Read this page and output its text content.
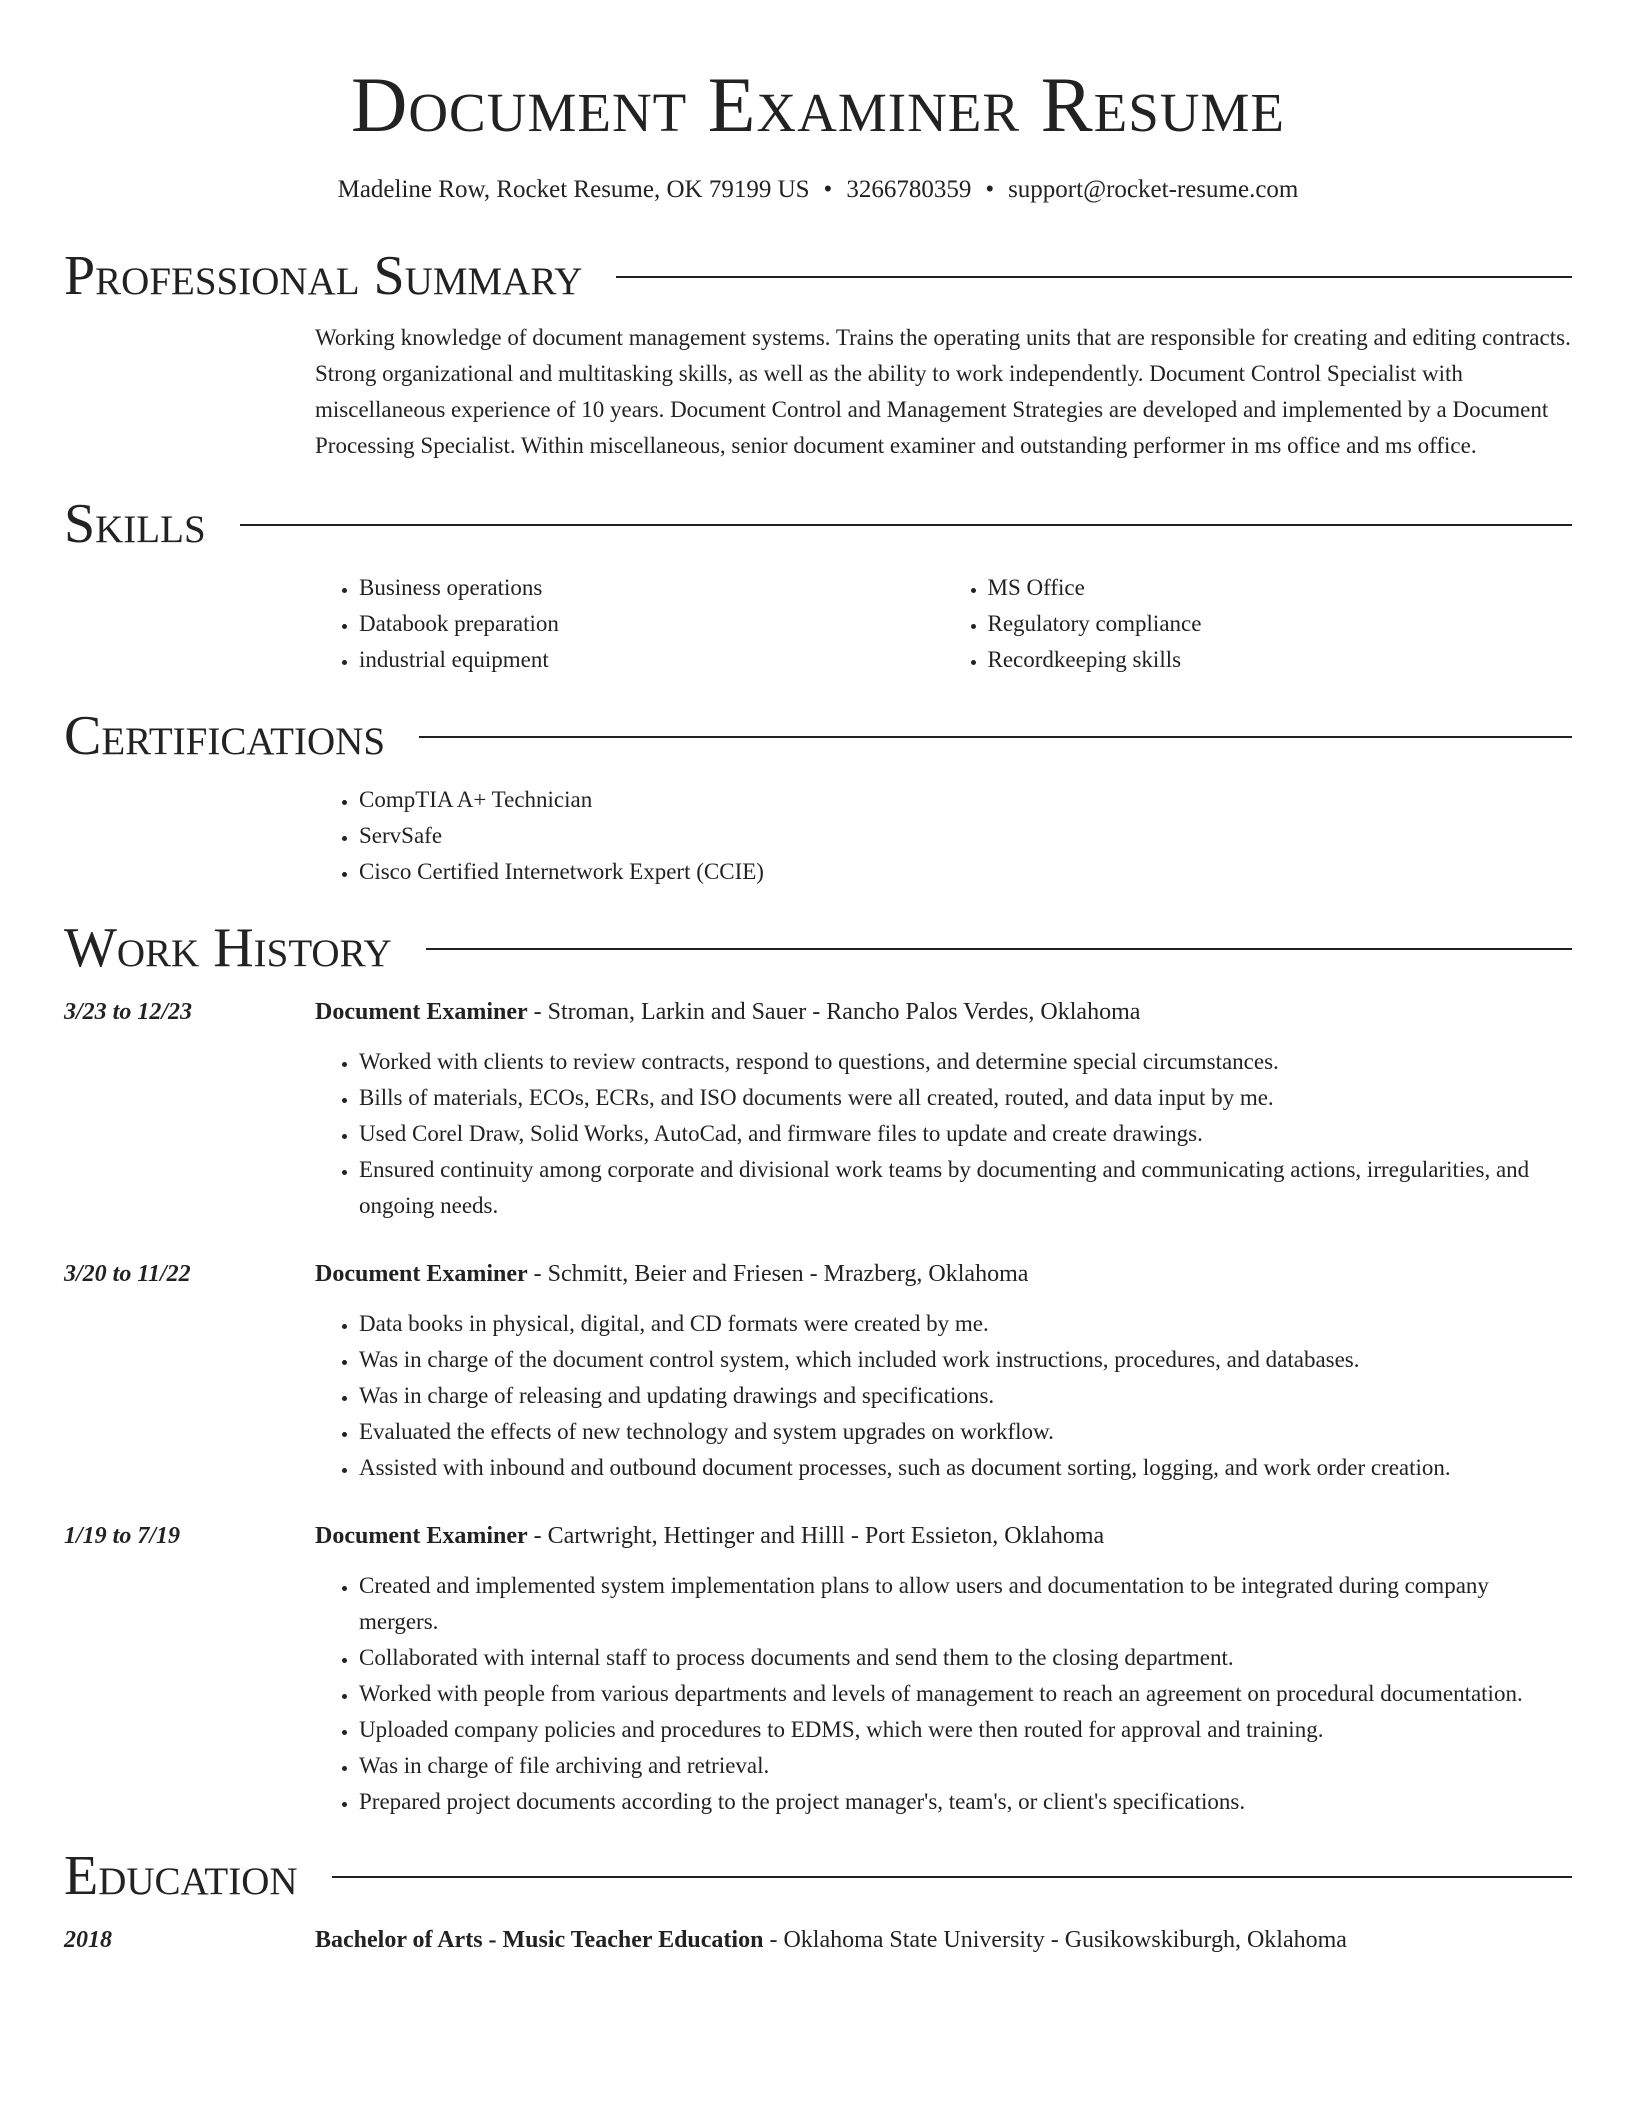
Document Examiner Resume
Madeline Row, Rocket Resume, OK 79199 US • 3266780359 • support@rocket-resume.com
Professional Summary

Working knowledge of document management systems. Trains the operating units that are responsible for creating and editing contracts. Strong organizational and multitasking skills, as well as the ability to work independently. Document Control Specialist with miscellaneous experience of 10 years. Document Control and Management Strategies are developed and implemented by a Document Processing Specialist. Within miscellaneous, senior document examiner and outstanding performer in ms office and ms office.

Skills
• Business operations
• Databook preparation
• industrial equipment
• MS Office
• Regulatory compliance
• Recordkeeping skills
Certifications
• CompTIA A+ Technician
• ServSafe
• Cisco Certified Internetwork Expert (CCIE)
Work History
3/23 to 12/23	Document Examiner - Stroman, Larkin and Sauer - Rancho Palos Verdes, Oklahoma
• Worked with clients to review contracts, respond to questions, and determine special circumstances.
• Bills of materials, ECOs, ECRs, and ISO documents were all created, routed, and data input by me.
• Used Corel Draw, Solid Works, AutoCad, and firmware files to update and create drawings.
• Ensured continuity among corporate and divisional work teams by documenting and communicating actions, irregularities, and ongoing needs.
3/20 to 11/22	Document Examiner - Schmitt, Beier and Friesen - Mrazberg, Oklahoma
• Data books in physical, digital, and CD formats were created by me.
• Was in charge of the document control system, which included work instructions, procedures, and databases.
• Was in charge of releasing and updating drawings and specifications.
• Evaluated the effects of new technology and system upgrades on workflow.
• Assisted with inbound and outbound document processes, such as document sorting, logging, and work order creation.
1/19 to 7/19	Document Examiner - Cartwright, Hettinger and Hilll - Port Essieton, Oklahoma
• Created and implemented system implementation plans to allow users and documentation to be integrated during company mergers.
• Collaborated with internal staff to process documents and send them to the closing department.
• Worked with people from various departments and levels of management to reach an agreement on procedural documentation.
• Uploaded company policies and procedures to EDMS, which were then routed for approval and training.
• Was in charge of file archiving and retrieval.
• Prepared project documents according to the project manager's, team's, or client's specifications.
Education
2018	Bachelor of Arts - Music Teacher Education - Oklahoma State University - Gusikowskiburgh, Oklahoma
